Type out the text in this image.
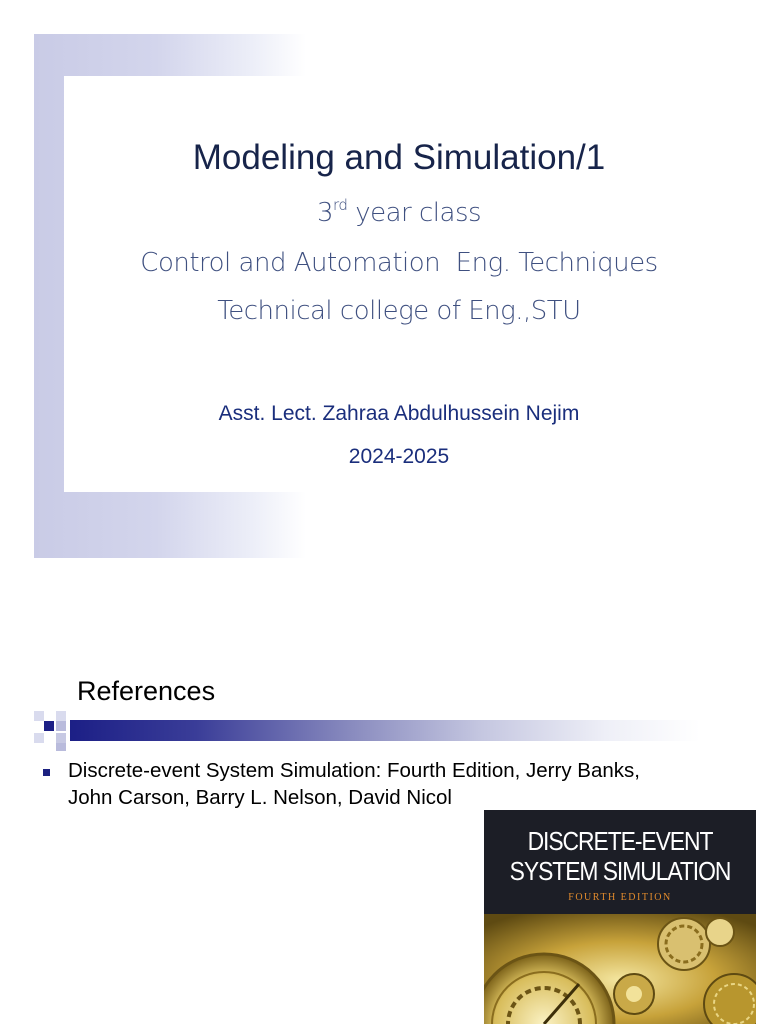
Modeling and Simulation/1
3rd year class
Control and Automation  Eng. Techniques
Technical college of Eng.,STU
Asst. Lect. Zahraa Abdulhussein Nejim
2024-2025
References
Discrete-event System Simulation: Fourth Edition, Jerry Banks, John Carson, Barry L. Nelson, David Nicol
DISCRETE-EVENT
SYSTEM SIMULATION
FOURTH EDITION
